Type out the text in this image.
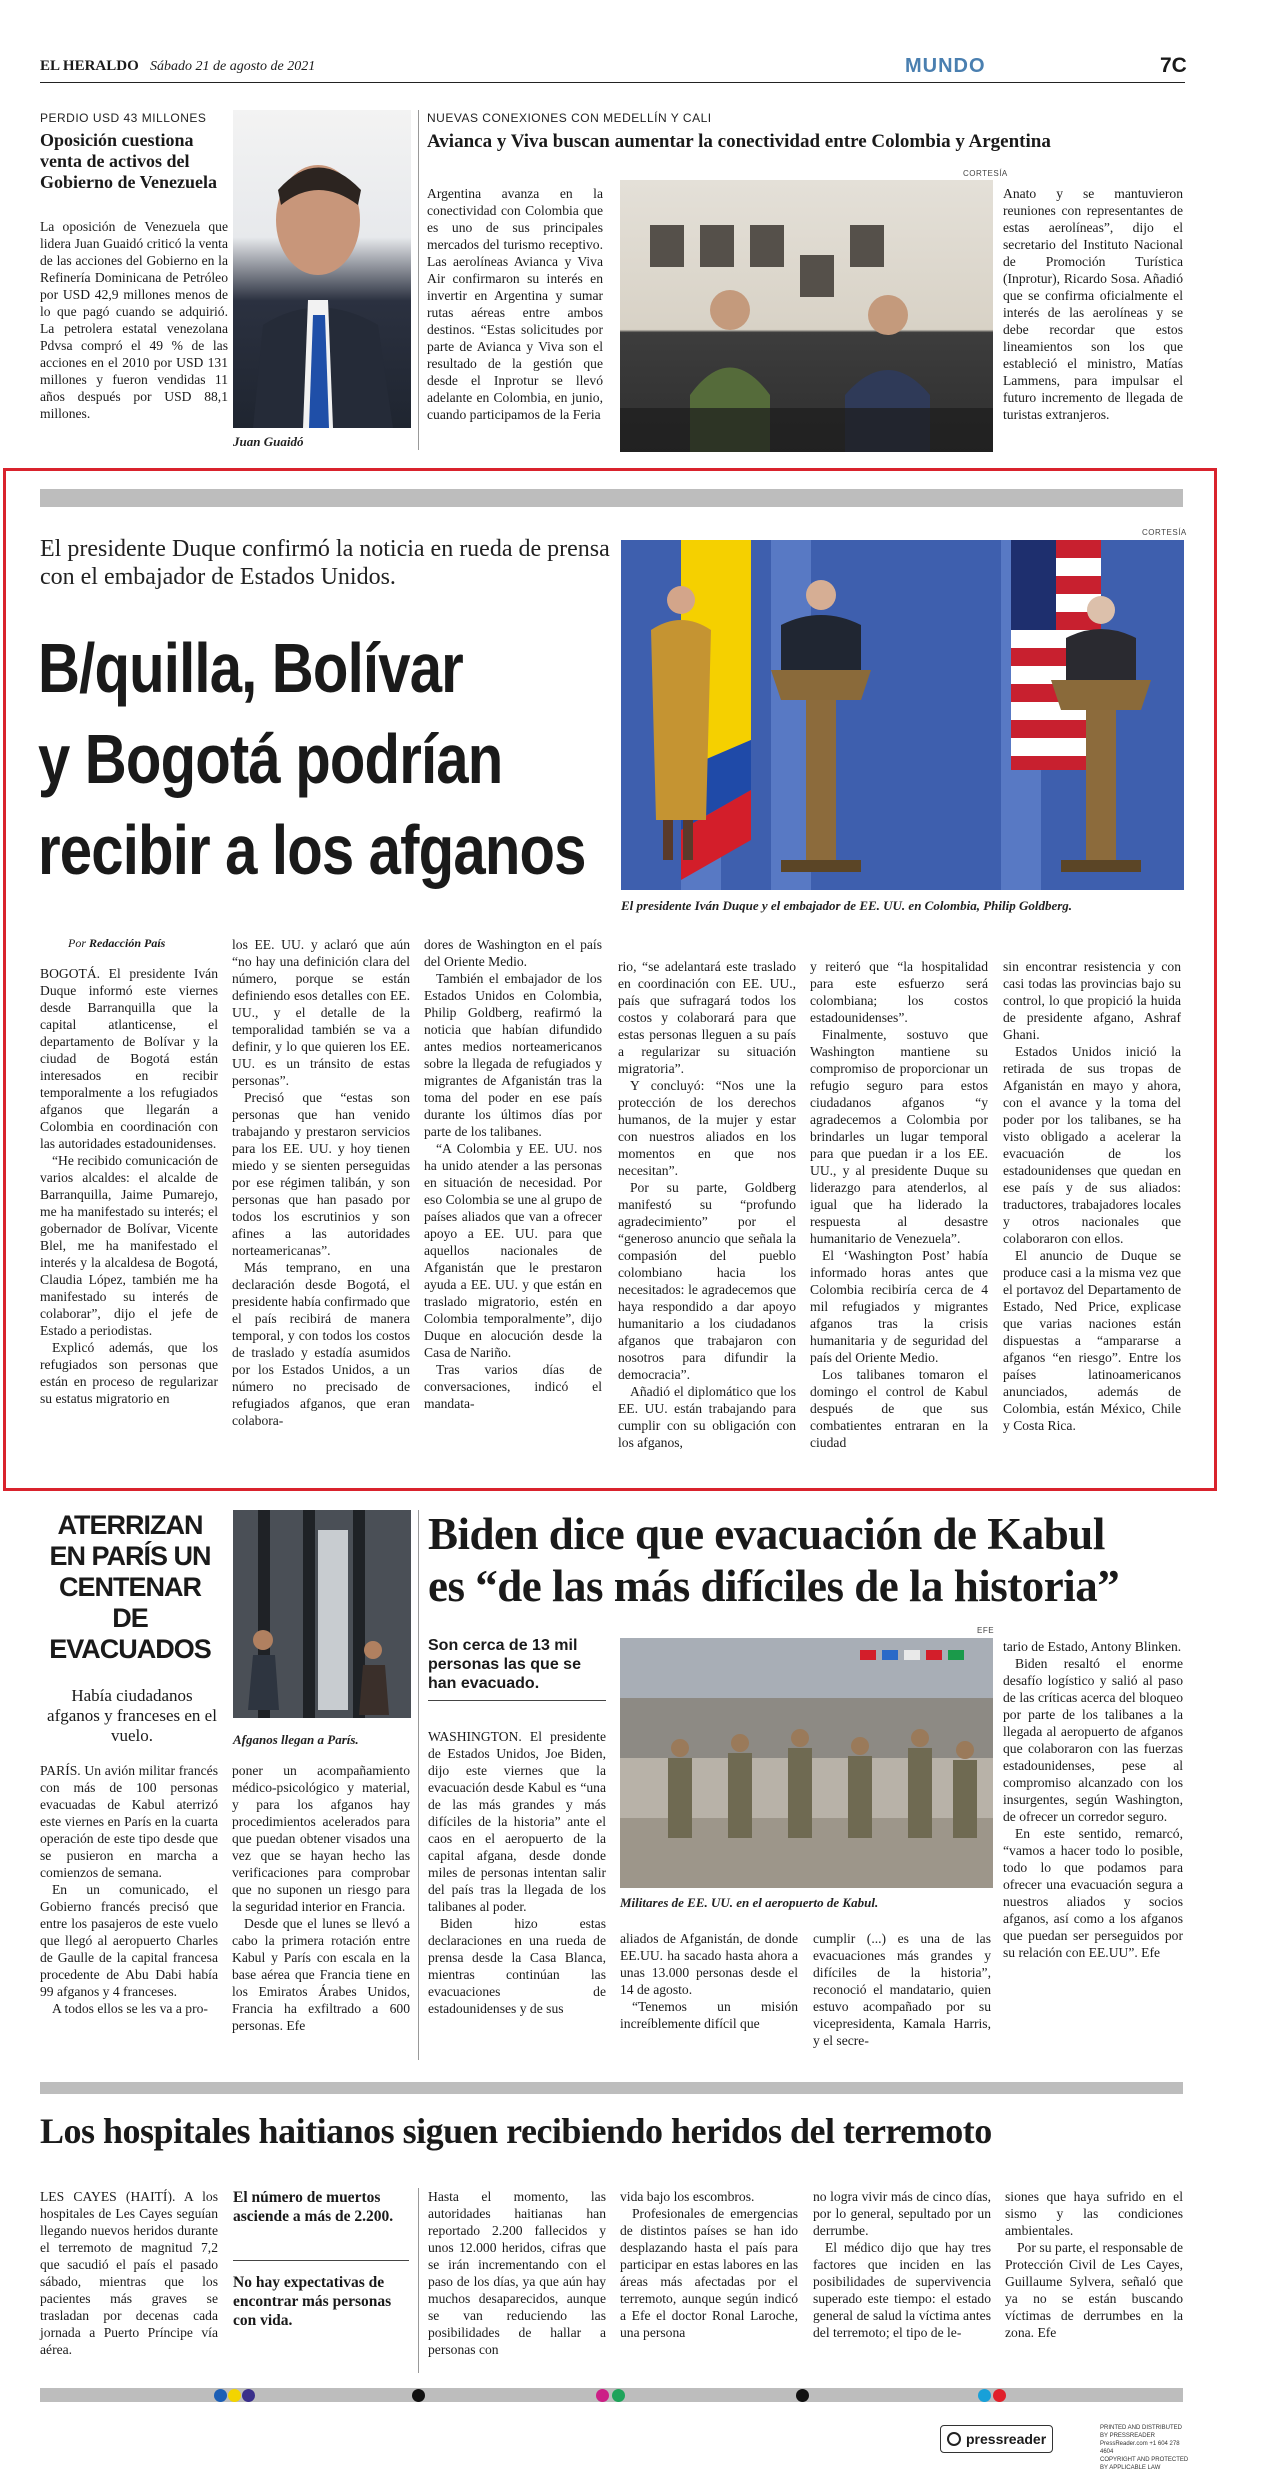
EL HERALDO Sábado 21 de agosto de 2021	MUNDO	7C
PERDIO USD 43 MILLONES
Oposición cuestiona venta de activos del Gobierno de Venezuela

La oposición de Venezuela que lidera Juan Guaidó criticó la venta de las acciones del Gobierno en la Refinería Dominicana de Petróleo por USD 42,9 millones menos de lo que pagó cuando se adquirió. La petrolera estatal venezolana Pdvsa compró el 49 % de las acciones en el 2010 por USD 131 millones y fueron vendidas 11 años después por USD 88,1 millones.

Juan Guaidó
NUEVAS CONEXIONES CON MEDELLÍN Y CALI
Avianca y Viva buscan aumentar la conectividad entre Colombia y Argentina

Argentina avanza en la conectividad con Colombia que es uno de sus principales mercados del turismo receptivo. Las aerolíneas Avianca y Viva Air confirmaron su interés en invertir en Argentina y sumar rutas aéreas entre ambos destinos. “Estas solicitudes por parte de Avianca y Viva son el resultado de la gestión que desde el Inprotur se llevó adelante en Colombia, en junio, cuando participamos de la Feria

CORTESÍA

Anato y se mantuvieron reuniones con representantes de estas aerolíneas”, dijo el secretario del Instituto Nacional de Promoción Turística (Inprotur), Ricardo Sosa. Añadió que se confirma oficialmente el interés de las aerolíneas y se debe recordar que estos lineamientos son los que estableció el ministro, Matías Lammens, para impulsar el futuro incremento de llegada de turistas extranjeros.

El presidente Duque confirmó la noticia en rueda de prensa con el embajador de Estados Unidos.
B/quilla, Bolívar
y Bogotá podrían
recibir a los afganos
CORTESÍA
El presidente Iván Duque y el embajador de EE. UU. en Colombia, Philip Goldberg.
Por Redacción País

BOGOTÁ. El presidente Iván Duque informó este viernes desde Barranquilla que la capital atlanticense, el departamento de Bolívar y la ciudad de Bogotá están interesados en recibir temporalmente a los refugiados afganos que llegarán a Colombia en coordinación con las autoridades estadounidenses.

“He recibido comunicación de varios alcaldes: el alcalde de Barranquilla, Jaime Pumarejo, me ha manifestado su interés; el gobernador de Bolívar, Vicente Blel, me ha manifestado el interés y la alcaldesa de Bogotá, Claudia López, también me ha manifestado su interés de colaborar”, dijo el jefe de Estado a periodistas.

Explicó además, que los refugiados son personas que están en proceso de regularizar su estatus migratorio en

los EE. UU. y aclaró que aún “no hay una definición clara del número, porque se están definiendo esos detalles con EE. UU., y el detalle de la temporalidad también se va a definir, y lo que quieren los EE. UU. es un tránsito de estas personas”.

Precisó que “estas son personas que han venido trabajando y prestaron servicios para los EE. UU. y hoy tienen miedo y se sienten perseguidas por ese régimen talibán, y son personas que han pasado por todos los escrutinios y son afines a las autoridades norteamericanas”.

Más temprano, en una declaración desde Bogotá, el presidente había confirmado que el país recibirá de manera temporal, y con todos los costos de traslado y estadía asumidos por los Estados Unidos, a un número no precisado de refugiados afganos, que eran colabora-

dores de Washington en el país del Oriente Medio.

También el embajador de los Estados Unidos en Colombia, Philip Goldberg, reafirmó la noticia que habían difundido antes medios norteamericanos sobre la llegada de refugiados y migrantes de Afganistán tras la toma del poder en ese país durante los últimos días por parte de los talibanes.

“A Colombia y EE. UU. nos ha unido atender a las personas en situación de necesidad. Por eso Colombia se une al grupo de países aliados que van a ofrecer apoyo a EE. UU. para que aquellos nacionales de Afganistán que le prestaron ayuda a EE. UU. y que están en traslado migratorio, estén en Colombia temporalmente”, dijo Duque en alocución desde la Casa de Nariño.

Tras varios días de conversaciones, indicó el mandata-

rio, “se adelantará este traslado en coordinación con EE. UU., país que sufragará todos los costos y colaborará para que estas personas lleguen a su país a regularizar su situación migratoria”.

Y concluyó: “Nos une la protección de los derechos humanos, de la mujer y estar con nuestros aliados en los momentos en que nos necesitan”.

Por su parte, Goldberg manifestó su “profundo agradecimiento” por el “generoso anuncio que señala la compasión del pueblo colombiano hacia los necesitados: le agradecemos que haya respondido a dar apoyo humanitario a los ciudadanos afganos que trabajaron con nosotros para difundir la democracia”.

Añadió el diplomático que los EE. UU. están trabajando para cumplir con su obligación con los afganos,

y reiteró que “la hospitalidad para este esfuerzo será colombiana; los costos estadounidenses”.

Finalmente, sostuvo que Washington mantiene su compromiso de proporcionar un refugio seguro para estos ciudadanos afganos “y agradecemos a Colombia por brindarles un lugar temporal para que puedan ir a los EE. UU., y al presidente Duque su liderazgo para atenderlos, al igual que ha liderado la respuesta al desastre humanitario de Venezuela”.

El ‘Washington Post’ había informado horas antes que Colombia recibiría cerca de 4 mil refugiados y migrantes afganos tras la crisis humanitaria y de seguridad del país del Oriente Medio.

Los talibanes tomaron el domingo el control de Kabul después de que sus combatientes entraran en la ciudad

sin encontrar resistencia y con casi todas las provincias bajo su control, lo que propició la huida de presidente afgano, Ashraf Ghani.

Estados Unidos inició la retirada de sus tropas de Afganistán en mayo y ahora, con el avance y la toma del poder por los talibanes, se ha visto obligado a acelerar la evacuación de los estadounidenses que quedan en ese país y de sus aliados: traductores, trabajadores locales y otros nacionales que colaboraron con ellos.

El anuncio de Duque se produce casi a la misma vez que el portavoz del Departamento de Estado, Ned Price, explicase que varias naciones están dispuestas a “ampararse a afganos “en riesgo”. Entre los países latinoamericanos anunciados, además de Colombia, están México, Chile y Costa Rica.

ATERRIZAN EN PARÍS UN CENTENAR DE EVACUADOS
Había ciudadanos afganos y franceses en el vuelo.	Afganos llegan a París.

PARÍS. Un avión militar francés con más de 100 personas evacuadas de Kabul aterrizó este viernes en París en la cuarta operación de este tipo desde que se pusieron en marcha a comienzos de semana.

En un comunicado, el Gobierno francés precisó que entre los pasajeros de este vuelo que llegó al aeropuerto Charles de Gaulle de la capital francesa procedente de Abu Dabi había 99 afganos y 4 franceses.

A todos ellos se les va a pro-

poner un acompañamiento médico-psicológico y material, y para los afganos hay procedimientos acelerados para que puedan obtener visados una vez que se hayan hecho las verificaciones para comprobar que no suponen un riesgo para la seguridad interior en Francia.

Desde que el lunes se llevó a cabo la primera rotación entre Kabul y París con escala en la base aérea que Francia tiene en los Emiratos Árabes Unidos, Francia ha exfiltrado a 600 personas. Efe

Biden dice que evacuación de Kabul
es “de las más difíciles de la historia”
Son cerca de 13 mil personas las que se han evacuado.

WASHINGTON. El presidente de Estados Unidos, Joe Biden, dijo este viernes que la evacuación desde Kabul es “una de las más grandes y más difíciles de la historia” ante el caos en el aeropuerto de la capital afgana, desde donde miles de personas intentan salir del país tras la llegada de los talibanes al poder.

Biden hizo estas declaraciones en una rueda de prensa desde la Casa Blanca, mientras continúan las evacuaciones de estadounidenses y de sus

EFE
Militares de EE. UU. en el aeropuerto de Kabul.

aliados de Afganistán, de donde EE.UU. ha sacado hasta ahora a unas 13.000 personas desde el 14 de agosto.

“Tenemos un misión increíblemente difícil que

cumplir (...) es una de las evacuaciones más grandes y difíciles de la historia”, reconoció el mandatario, quien estuvo acompañado por su vicepresidenta, Kamala Harris, y el secre-

tario de Estado, Antony Blinken.

Biden resaltó el enorme desafío logístico y salió al paso de las críticas acerca del bloqueo por parte de los talibanes a la llegada al aeropuerto de afganos que colaboraron con las fuerzas estadounidenses, pese al compromiso alcanzado con los insurgentes, según Washington, de ofrecer un corredor seguro.

En este sentido, remarcó, “vamos a hacer todo lo posible, todo lo que podamos para ofrecer una evacuación segura a nuestros aliados y socios afganos, así como a los afganos que puedan ser perseguidos por su relación con EE.UU”. Efe

Los hospitales haitianos siguen recibiendo heridos del terremoto

LES CAYES (HAITÍ). A los hospitales de Les Cayes seguían llegando nuevos heridos durante el terremoto de magnitud 7,2 que sacudió el país el pasado sábado, mientras que los pacientes más graves se trasladan por decenas cada jornada a Puerto Príncipe vía aérea.

El número de muertos asciende a más de 2.200.
No hay expectativas de encontrar más personas con vida.

Hasta el momento, las autoridades haitianas han reportado 2.200 fallecidos y unos 12.000 heridos, cifras que se irán incrementando con el paso de los días, ya que aún hay muchos desaparecidos, aunque se van reduciendo las posibilidades de hallar a personas con

vida bajo los escombros.

Profesionales de emergencias de distintos países se han ido desplazando hasta el país para participar en estas labores en las áreas más afectadas por el terremoto, aunque según indicó a Efe el doctor Ronal Laroche, una persona

no logra vivir más de cinco días, por lo general, sepultado por un derrumbe.

El médico dijo que hay tres factores que inciden en las posibilidades de supervivencia superado este tiempo: el estado general de salud la víctima antes del terremoto; el tipo de le-

siones que haya sufrido en el sismo y las condiciones ambientales.

Por su parte, el responsable de Protección Civil de Les Cayes, Guillaume Sylvera, señaló que ya no se están buscando víctimas de derrumbes en la zona. Efe

pressreader
PRINTED AND DISTRIBUTED BY PRESSREADER
PressReader.com +1 604 278 4604
COPYRIGHT AND PROTECTED BY APPLICABLE LAW
